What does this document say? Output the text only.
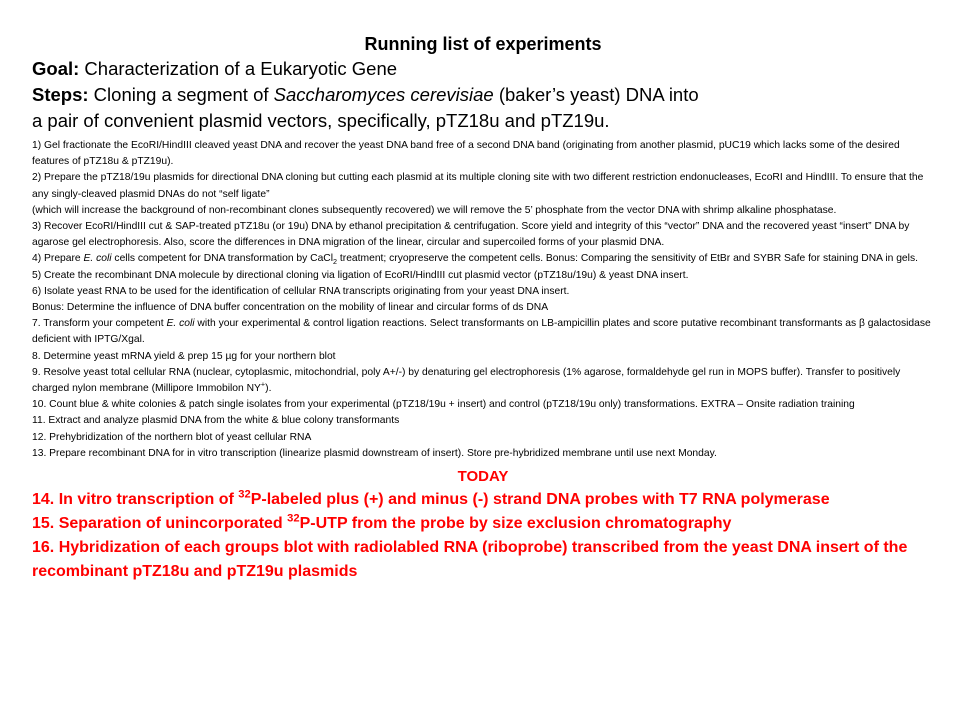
Running list of experiments

Goal: Characterization of a Eukaryotic Gene

Steps: Cloning a segment of Saccharomyces cerevisiae (baker’s yeast) DNA into

a pair of convenient plasmid vectors, specifically, pTZ18u and pTZ19u.

1) Gel fractionate the EcoRI/HindIII cleaved yeast DNA and recover the yeast DNA band free of a second DNA band (originating from another plasmid, pUC19 which lacks some of the desired features of pTZ18u & pTZ19u).

2) Prepare the pTZ18/19u plasmids for directional DNA cloning but cutting each plasmid at its multiple cloning site with two different restriction endonucleases, EcoRI and HindIII. To ensure that the any singly-cleaved plasmid DNAs do not “self ligate”

(which will increase the background of non-recombinant clones subsequently recovered) we will remove the 5’ phosphate from the vector DNA with shrimp alkaline phosphatase.

3) Recover EcoRI/HindIII cut & SAP-treated pTZ18u (or 19u) DNA by ethanol precipitation & centrifugation. Score yield and integrity of this “vector” DNA and the recovered yeast “insert” DNA by agarose gel electrophoresis. Also, score the differences in DNA migration of the linear, circular and supercoiled forms of your plasmid DNA.

4) Prepare E. coli cells competent for DNA transformation by CaCl$_2$ treatment; cryopreserve the competent cells. Bonus: Comparing the sensitivity of EtBr and SYBR Safe for staining DNA in gels.

5) Create the recombinant DNA molecule by directional cloning via ligation of EcoRI/HindIII cut plasmid vector (pTZ18u/19u) & yeast DNA insert.

6) Isolate yeast RNA to be used for the identification of cellular RNA transcripts originating from your yeast DNA insert.

Bonus: Determine the influence of DNA buffer concentration on the mobility of linear and circular forms of ds DNA

7. Transform your competent E. coli with your experimental & control ligation reactions. Select transformants on LB-ampicillin plates and score putative recombinant transformants as β galactosidase deficient with IPTG/Xgal.

8. Determine yeast mRNA yield & prep 15 µg for your northern blot

9. Resolve yeast total cellular RNA (nuclear, cytoplasmic, mitochondrial, poly A+/-) by denaturing gel electrophoresis (1% agarose, formaldehyde gel run in MOPS buffer). Transfer to positively charged nylon membrane (Millipore Immobilon NY+).

10. Count blue & white colonies & patch single isolates from your experimental (pTZ18/19u + insert) and control (pTZ18/19u only) transformations. EXTRA – Onsite radiation training

11. Extract and analyze plasmid DNA from the white & blue colony transformants

12. Prehybridization of the northern blot of yeast cellular RNA

13. Prepare recombinant DNA for in vitro transcription (linearize plasmid downstream of insert). Store pre-hybridized membrane until use next Monday.

TODAY

14. In vitro transcription of $^{32}$P-labeled plus (+) and minus (-) strand DNA probes with T7 RNA polymerase

15. Separation of unincorporated $^{32}$P-UTP from the probe by size exclusion chromatography

16. Hybridization of each groups blot with radiolabled RNA (riboprobe) transcribed from the yeast DNA insert of the recombinant pTZ18u and pTZ19u plasmids
